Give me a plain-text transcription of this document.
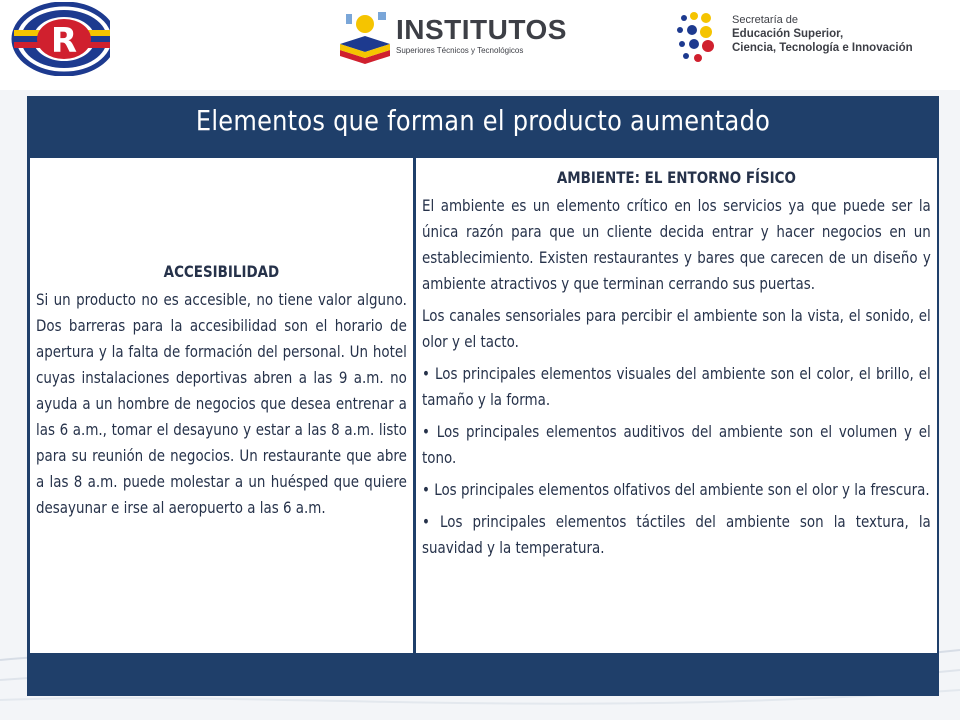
R	INSTITUTOS
Superiores Técnicos y Tecnológicos
Secretaría de
Educación Superior,
Ciencia, Tecnología e Innovación
Elementos que forman el producto aumentado
ACCESIBILIDAD
Si un producto no es accesible, no tiene valor alguno. Dos barreras para la accesibilidad son el horario de apertura y la falta de formación del personal. Un hotel cuyas instalaciones deportivas abren a las 9 a.m. no ayuda a un hombre de negocios que desea entrenar a las 6 a.m., tomar el desayuno y estar a las 8 a.m. listo para su reunión de negocios. Un restaurante que abre a las 8 a.m. puede molestar a un huésped que quiere desayunar e irse al aeropuerto a las 6 a.m.
AMBIENTE: EL ENTORNO FÍSICO
El ambiente es un elemento crítico en los servicios ya que puede ser la única razón para que un cliente decida entrar y hacer negocios en un establecimiento. Existen restaurantes y bares que carecen de un diseño y ambiente atractivos y que terminan cerrando sus puertas.
Los canales sensoriales para percibir el ambiente son la vista, el sonido, el olor y el tacto.
• Los principales elementos visuales del ambiente son el color, el brillo, el tamaño y la forma.
• Los principales elementos auditivos del ambiente son el volumen y el tono.
• Los principales elementos olfativos del ambiente son el olor y la frescura.
• Los principales elementos táctiles del ambiente son la textura, la suavidad y la temperatura.
